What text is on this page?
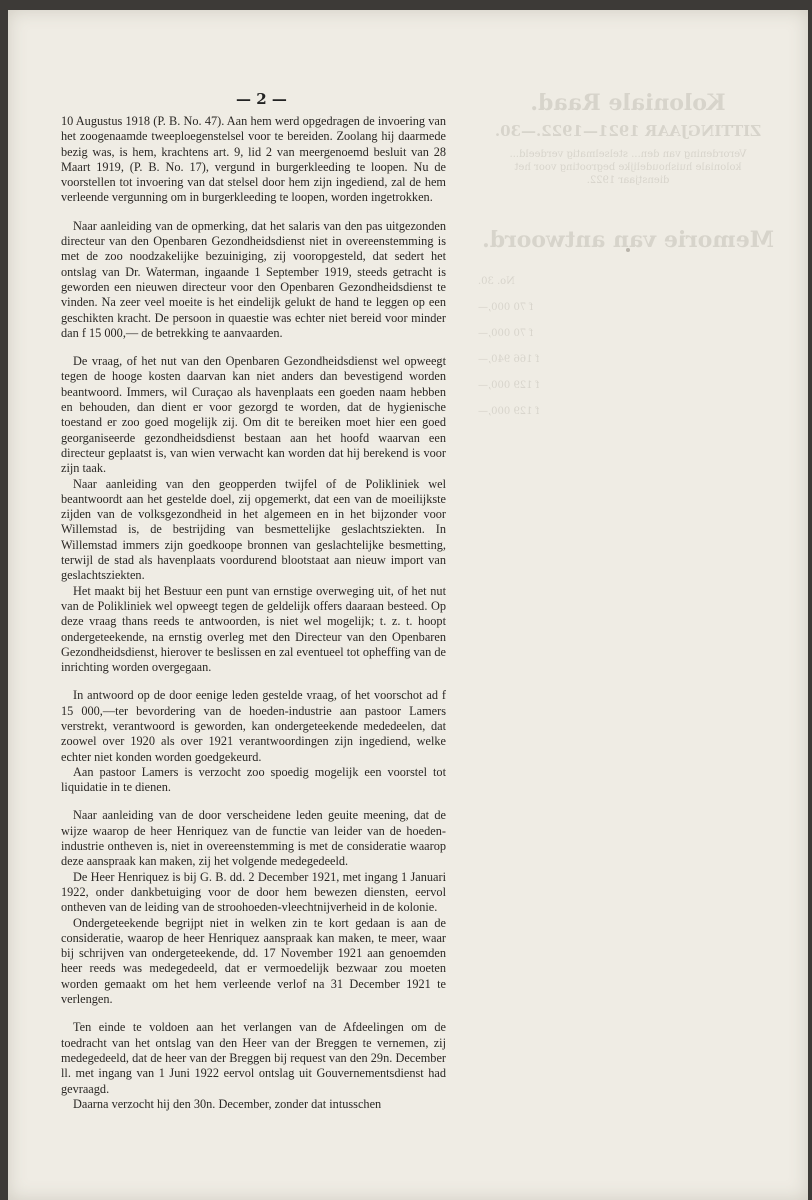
Koloniale Raad.
ZITTINGJAAR 1921—1922.—30.
Verordening van den... stelselmatig verdeeld...
koloniale huishoudelijke begrooting voor het
dienstjaar 1922.
Memorie van antwoord.
No. 30.
f 70 000,—
f 70 000,—
f 166 940,—
f 129 000,—
f 129 000,—
— 2 —

10 Augustus 1918 (P. B. No. 47). Aan hem werd opgedragen de invoering van het zoogenaamde tweeploegenstelsel voor te bereiden. Zoolang hij daarmede bezig was, is hem, krachtens art. 9, lid 2 van meergenoemd besluit van 28 Maart 1919, (P. B. No. 17), vergund in burgerkleeding te loopen. Nu de voorstellen tot invoering van dat stelsel door hem zijn ingediend, zal de hem verleende vergunning om in burgerkleeding te loopen, worden ingetrokken.

Naar aanleiding van de opmerking, dat het salaris van den pas uitgezonden directeur van den Openbaren Gezondheidsdienst niet in overeenstemming is met de zoo noodzakelijke bezuiniging, zij vooropgesteld, dat sedert het ontslag van Dr. Waterman, ingaande 1 September 1919, steeds getracht is geworden een nieuwen directeur voor den Openbaren Gezondheidsdienst te vinden. Na zeer veel moeite is het eindelijk gelukt de hand te leggen op een geschikten kracht. De persoon in quaestie was echter niet bereid voor minder dan f 15 000,— de betrekking te aanvaarden.

De vraag, of het nut van den Openbaren Gezondheidsdienst wel opweegt tegen de hooge kosten daarvan kan niet anders dan bevestigend worden beantwoord. Immers, wil Curaçao als havenplaats een goeden naam hebben en behouden, dan dient er voor gezorgd te worden, dat de hygienische toestand er zoo goed mogelijk zij. Om dit te bereiken moet hier een goed georganiseerde gezondheidsdienst bestaan aan het hoofd waarvan een directeur geplaatst is, van wien verwacht kan worden dat hij berekend is voor zijn taak.

Naar aanleiding van den geopperden twijfel of de Polikliniek wel beantwoordt aan het gestelde doel, zij opgemerkt, dat een van de moeilijkste zijden van de volksgezondheid in het algemeen en in het bijzonder voor Willemstad is, de bestrijding van besmettelijke geslachtsziekten. In Willemstad immers zijn goedkoope bronnen van geslachtelijke besmetting, terwijl de stad als havenplaats voordurend blootstaat aan nieuw import van geslachtsziekten.

Het maakt bij het Bestuur een punt van ernstige overweging uit, of het nut van de Polikliniek wel opweegt tegen de geldelijk offers daaraan besteed. Op deze vraag thans reeds te antwoorden, is niet wel mogelijk; t. z. t. hoopt ondergeteekende, na ernstig overleg met den Directeur van den Openbaren Gezondheidsdienst, hierover te beslissen en zal eventueel tot opheffing van de inrichting worden overgegaan.

In antwoord op de door eenige leden gestelde vraag, of het voorschot ad f 15 000,—ter bevordering van de hoeden-industrie aan pastoor Lamers verstrekt, verantwoord is geworden, kan ondergeteekende mededeelen, dat zoowel over 1920 als over 1921 verantwoordingen zijn ingediend, welke echter niet konden worden goedgekeurd.

Aan pastoor Lamers is verzocht zoo spoedig mogelijk een voorstel tot liquidatie in te dienen.

Naar aanleiding van de door verscheidene leden geuite meening, dat de wijze waarop de heer Henriquez van de functie van leider van de hoeden-industrie ontheven is, niet in overeenstemming is met de consideratie waarop deze aanspraak kan maken, zij het volgende medegedeeld.

De Heer Henriquez is bij G. B. dd. 2 December 1921, met ingang 1 Januari 1922, onder dankbetuiging voor de door hem bewezen diensten, eervol ontheven van de leiding van de stroohoeden-vleechtnijverheid in de kolonie.

Ondergeteekende begrijpt niet in welken zin te kort gedaan is aan de consideratie, waarop de heer Henriquez aanspraak kan maken, te meer, waar bij schrijven van ondergeteekende, dd. 17 November 1921 aan genoemden heer reeds was medegedeeld, dat er vermoedelijk bezwaar zou moeten worden gemaakt om het hem verleende verlof na 31 December 1921 te verlengen.

Ten einde te voldoen aan het verlangen van de Afdeelingen om de toedracht van het ontslag van den Heer van der Breggen te vernemen, zij medegedeeld, dat de heer van der Breggen bij request van den 29n. December ll. met ingang van 1 Juni 1922 eervol ontslag uit Gouvernementsdienst had gevraagd.

Daarna verzocht hij den 30n. December, zonder dat intusschen
